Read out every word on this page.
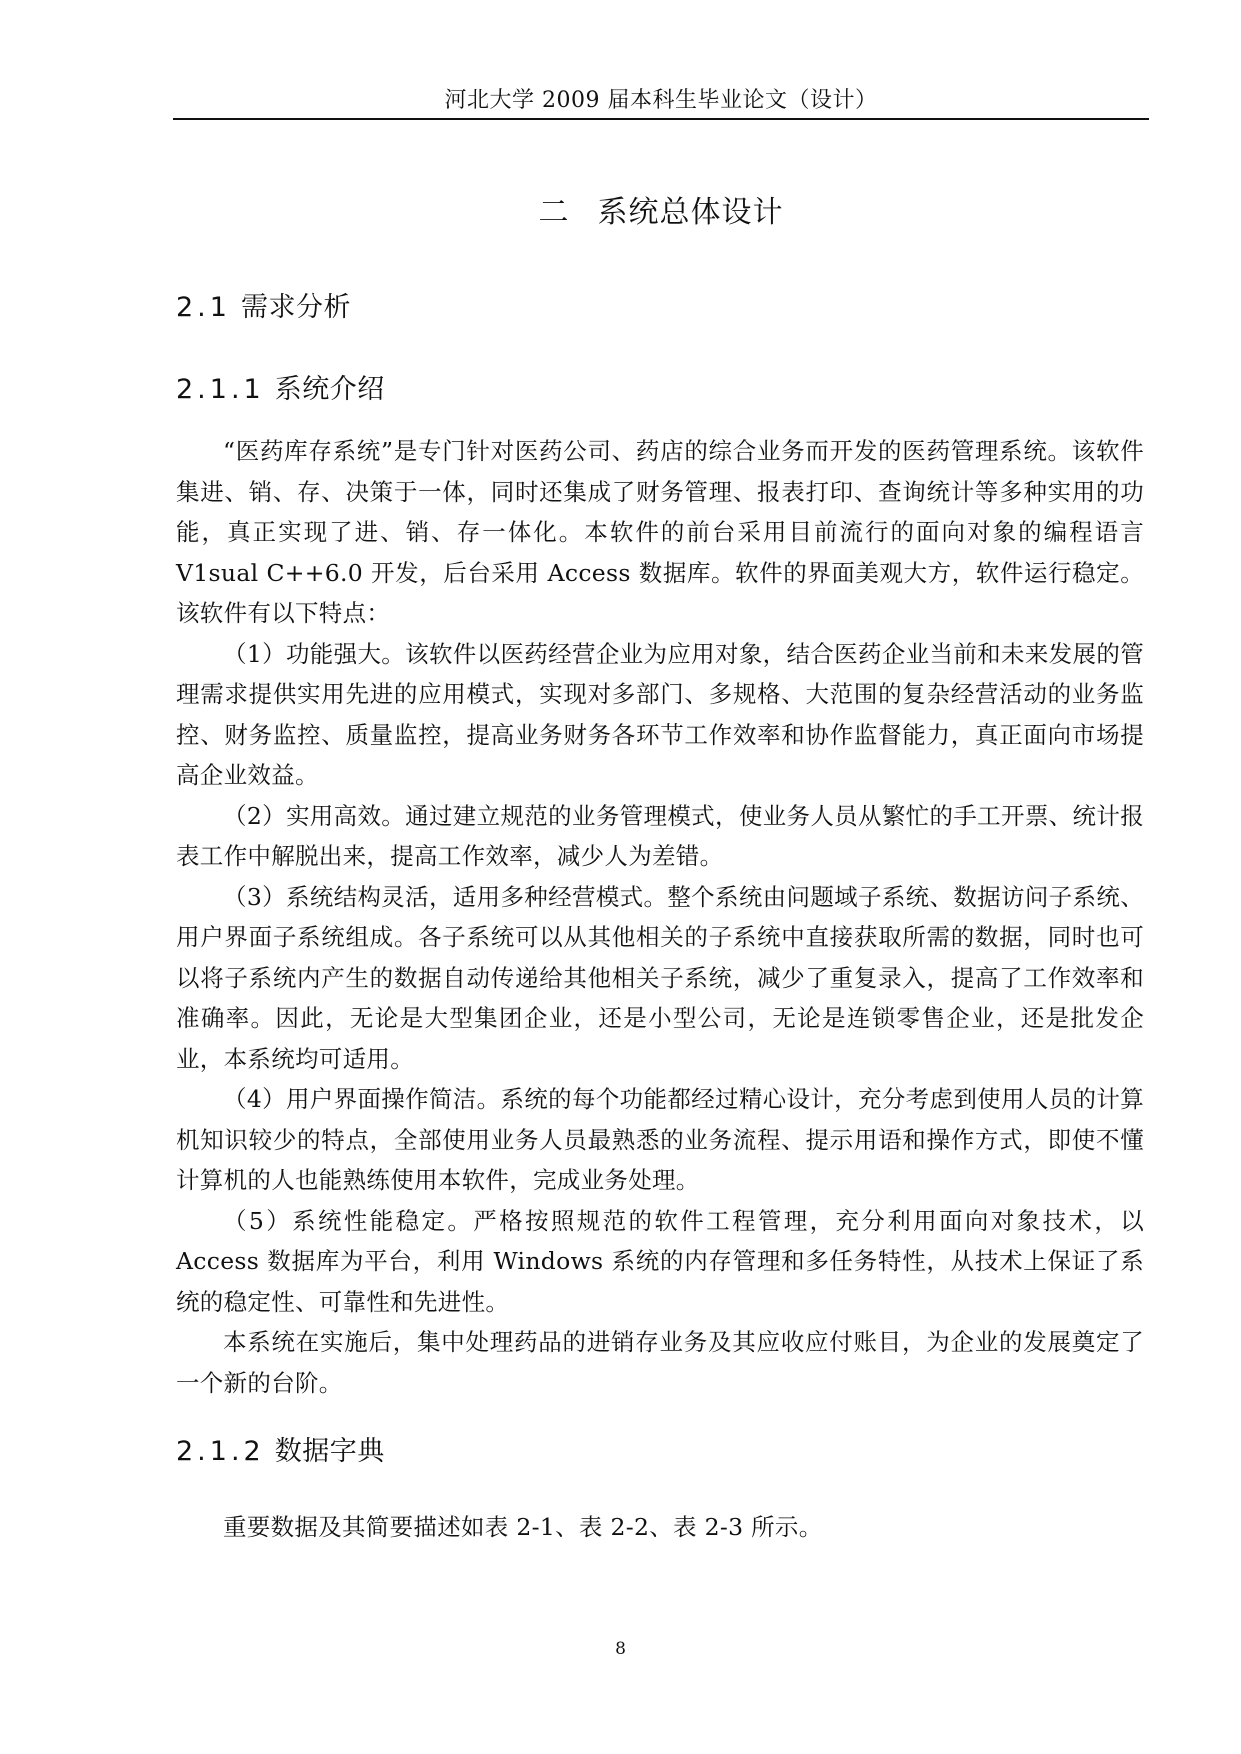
河北大学 2009 届本科生毕业论文（设计）
二 系统总体设计
2.1 需求分析
2.1.1 系统介绍

“医药库存系统”是专门针对医药公司、药店的综合业务而开发的医药管理系统。该软件集进、销、存、决策于一体，同时还集成了财务管理、报表打印、查询统计等多种实用的功能，真正实现了进、销、存一体化。本软件的前台采用目前流行的面向对象的编程语言 V1sual C++6.0 开发，后台采用 Access 数据库。软件的界面美观大方，软件运行稳定。该软件有以下特点：

（1）功能强大。该软件以医药经营企业为应用对象，结合医药企业当前和未来发展的管理需求提供实用先进的应用模式，实现对多部门、多规格、大范围的复杂经营活动的业务监控、财务监控、质量监控，提高业务财务各环节工作效率和协作监督能力，真正面向市场提高企业效益。

（2）实用高效。通过建立规范的业务管理模式，使业务人员从繁忙的手工开票、统计报表工作中解脱出来，提高工作效率，减少人为差错。

（3）系统结构灵活，适用多种经营模式。整个系统由问题域子系统、数据访问子系统、用户界面子系统组成。各子系统可以从其他相关的子系统中直接获取所需的数据，同时也可以将子系统内产生的数据自动传递给其他相关子系统，减少了重复录入，提高了工作效率和准确率。因此，无论是大型集团企业，还是小型公司，无论是连锁零售企业，还是批发企业，本系统均可适用。

（4）用户界面操作简洁。系统的每个功能都经过精心设计，充分考虑到使用人员的计算机知识较少的特点，全部使用业务人员最熟悉的业务流程、提示用语和操作方式，即使不懂计算机的人也能熟练使用本软件，完成业务处理。

（5）系统性能稳定。严格按照规范的软件工程管理，充分利用面向对象技术，以 Access 数据库为平台，利用 Windows 系统的内存管理和多任务特性，从技术上保证了系统的稳定性、可靠性和先进性。

本系统在实施后，集中处理药品的进销存业务及其应收应付账目，为企业的发展奠定了一个新的台阶。

2.1.2 数据字典

重要数据及其简要描述如表 2-1、表 2-2、表 2-3 所示。

8
